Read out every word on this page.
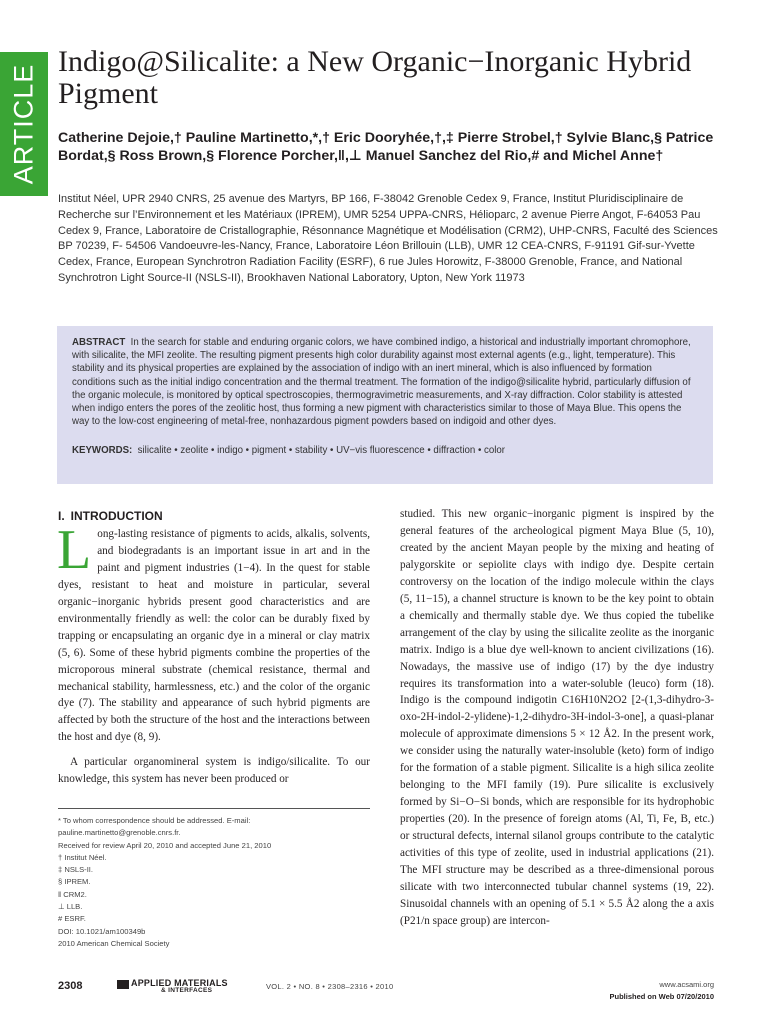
ARTICLE
Indigo@Silicalite: a New Organic−Inorganic Hybrid Pigment
Catherine Dejoie,† Pauline Martinetto,*,† Eric Dooryhée,†,‡ Pierre Strobel,† Sylvie Blanc,§ Patrice Bordat,§ Ross Brown,§ Florence Porcher,‖,⊥ Manuel Sanchez del Rio,# and Michel Anne†
Institut Néel, UPR 2940 CNRS, 25 avenue des Martyrs, BP 166, F-38042 Grenoble Cedex 9, France, Institut Pluridisciplinaire de Recherche sur l’Environnement et les Matériaux (IPREM), UMR 5254 UPPA-CNRS, Hélioparc, 2 avenue Pierre Angot, F-64053 Pau Cedex 9, France, Laboratoire de Cristallographie, Résonnance Magnétique et Modélisation (CRM2), UHP-CNRS, Faculté des Sciences BP 70239, F- 54506 Vandoeuvre-les-Nancy, France, Laboratoire Léon Brillouin (LLB), UMR 12 CEA-CNRS, F-91191 Gif-sur-Yvette Cedex, France, European Synchrotron Radiation Facility (ESRF), 6 rue Jules Horowitz, F-38000 Grenoble, France, and National Synchrotron Light Source-II (NSLS-II), Brookhaven National Laboratory, Upton, New York 11973
ABSTRACT In the search for stable and enduring organic colors, we have combined indigo, a historical and industrially important chromophore, with silicalite, the MFI zeolite. The resulting pigment presents high color durability against most external agents (e.g., light, temperature). This stability and its physical properties are explained by the association of indigo with an inert mineral, which is also influenced by formation conditions such as the initial indigo concentration and the thermal treatment. The formation of the indigo@silicalite hybrid, particularly diffusion of the organic molecule, is monitored by optical spectroscopies, thermogravimetric measurements, and X-ray diffraction. Color stability is attested when indigo enters the pores of the zeolitic host, thus forming a new pigment with characteristics similar to those of Maya Blue. This opens the way to the low-cost engineering of metal-free, nonhazardous pigment powders based on indigoid and other dyes.
KEYWORDS: silicalite • zeolite • indigo • pigment • stability • UV−vis fluorescence • diffraction • color
I. INTRODUCTION

Long-lasting resistance of pigments to acids, alkalis, solvents, and biodegradants is an important issue in art and in the paint and pigment industries (1−4). In the quest for stable dyes, resistant to heat and moisture in particular, several organic−inorganic hybrids present good characteristics and are environmentally friendly as well: the color can be durably fixed by trapping or encapsulating an organic dye in a mineral or clay matrix (5, 6). Some of these hybrid pigments combine the properties of the microporous mineral substrate (chemical resistance, thermal and mechanical stability, harmlessness, etc.) and the color of the organic dye (7). The stability and appearance of such hybrid pigments are affected by both the structure of the host and the interactions between the host and dye (8, 9).

A particular organomineral system is indigo/silicalite. To our knowledge, this system has never been produced or

* To whom correspondence should be addressed. E-mail: pauline.martinetto@grenoble.cnrs.fr.
Received for review April 20, 2010 and accepted June 21, 2010
† Institut Néel.
‡ NSLS-II.
§ IPREM.
‖ CRM2.
⊥ LLB.
# ESRF.
DOI: 10.1021/am100349b
2010 American Chemical Society
studied. This new organic−inorganic pigment is inspired by the general features of the archeological pigment Maya Blue (5, 10), created by the ancient Mayan people by the mixing and heating of palygorskite or sepiolite clays with indigo dye. Despite certain controversy on the location of the indigo molecule within the clays (5, 11−15), a channel structure is known to be the key point to obtain a chemically and thermally stable dye. We thus copied the tubelike arrangement of the clay by using the silicalite zeolite as the inorganic matrix. Indigo is a blue dye well-known to ancient civilizations (16). Nowadays, the massive use of indigo (17) by the dye industry requires its transformation into a water-soluble (leuco) form (18). Indigo is the compound indigotin C16H10N2O2 [2-(1,3-dihydro-3-oxo-2H-indol-2-ylidene)-1,2-dihydro-3H-indol-3-one], a quasi-planar molecule of approximate dimensions 5 × 12 Å2. In the present work, we consider using the naturally water-insoluble (keto) form of indigo for the formation of a stable pigment. Silicalite is a high silica zeolite belonging to the MFI family (19). Pure silicalite is exclusively formed by Si−O−Si bonds, which are responsible for its hydrophobic properties (20). In the presence of foreign atoms (Al, Ti, Fe, B, etc.) or structural defects, internal silanol groups contribute to the catalytic activities of this type of zeolite, used in industrial applications (21). The MFI structure may be described as a three-dimensional porous silicate with two interconnected tubular channel systems (19, 22). Sinusoidal channels with an opening of 5.1 × 5.5 Å2 along the a axis (P21/n space group) are intercon-
2308	APPLIED MATERIALS
& INTERFACES	VOL. 2 • NO. 8 • 2308–2316 • 2010	www.acsami.org
Published on Web 07/20/2010
